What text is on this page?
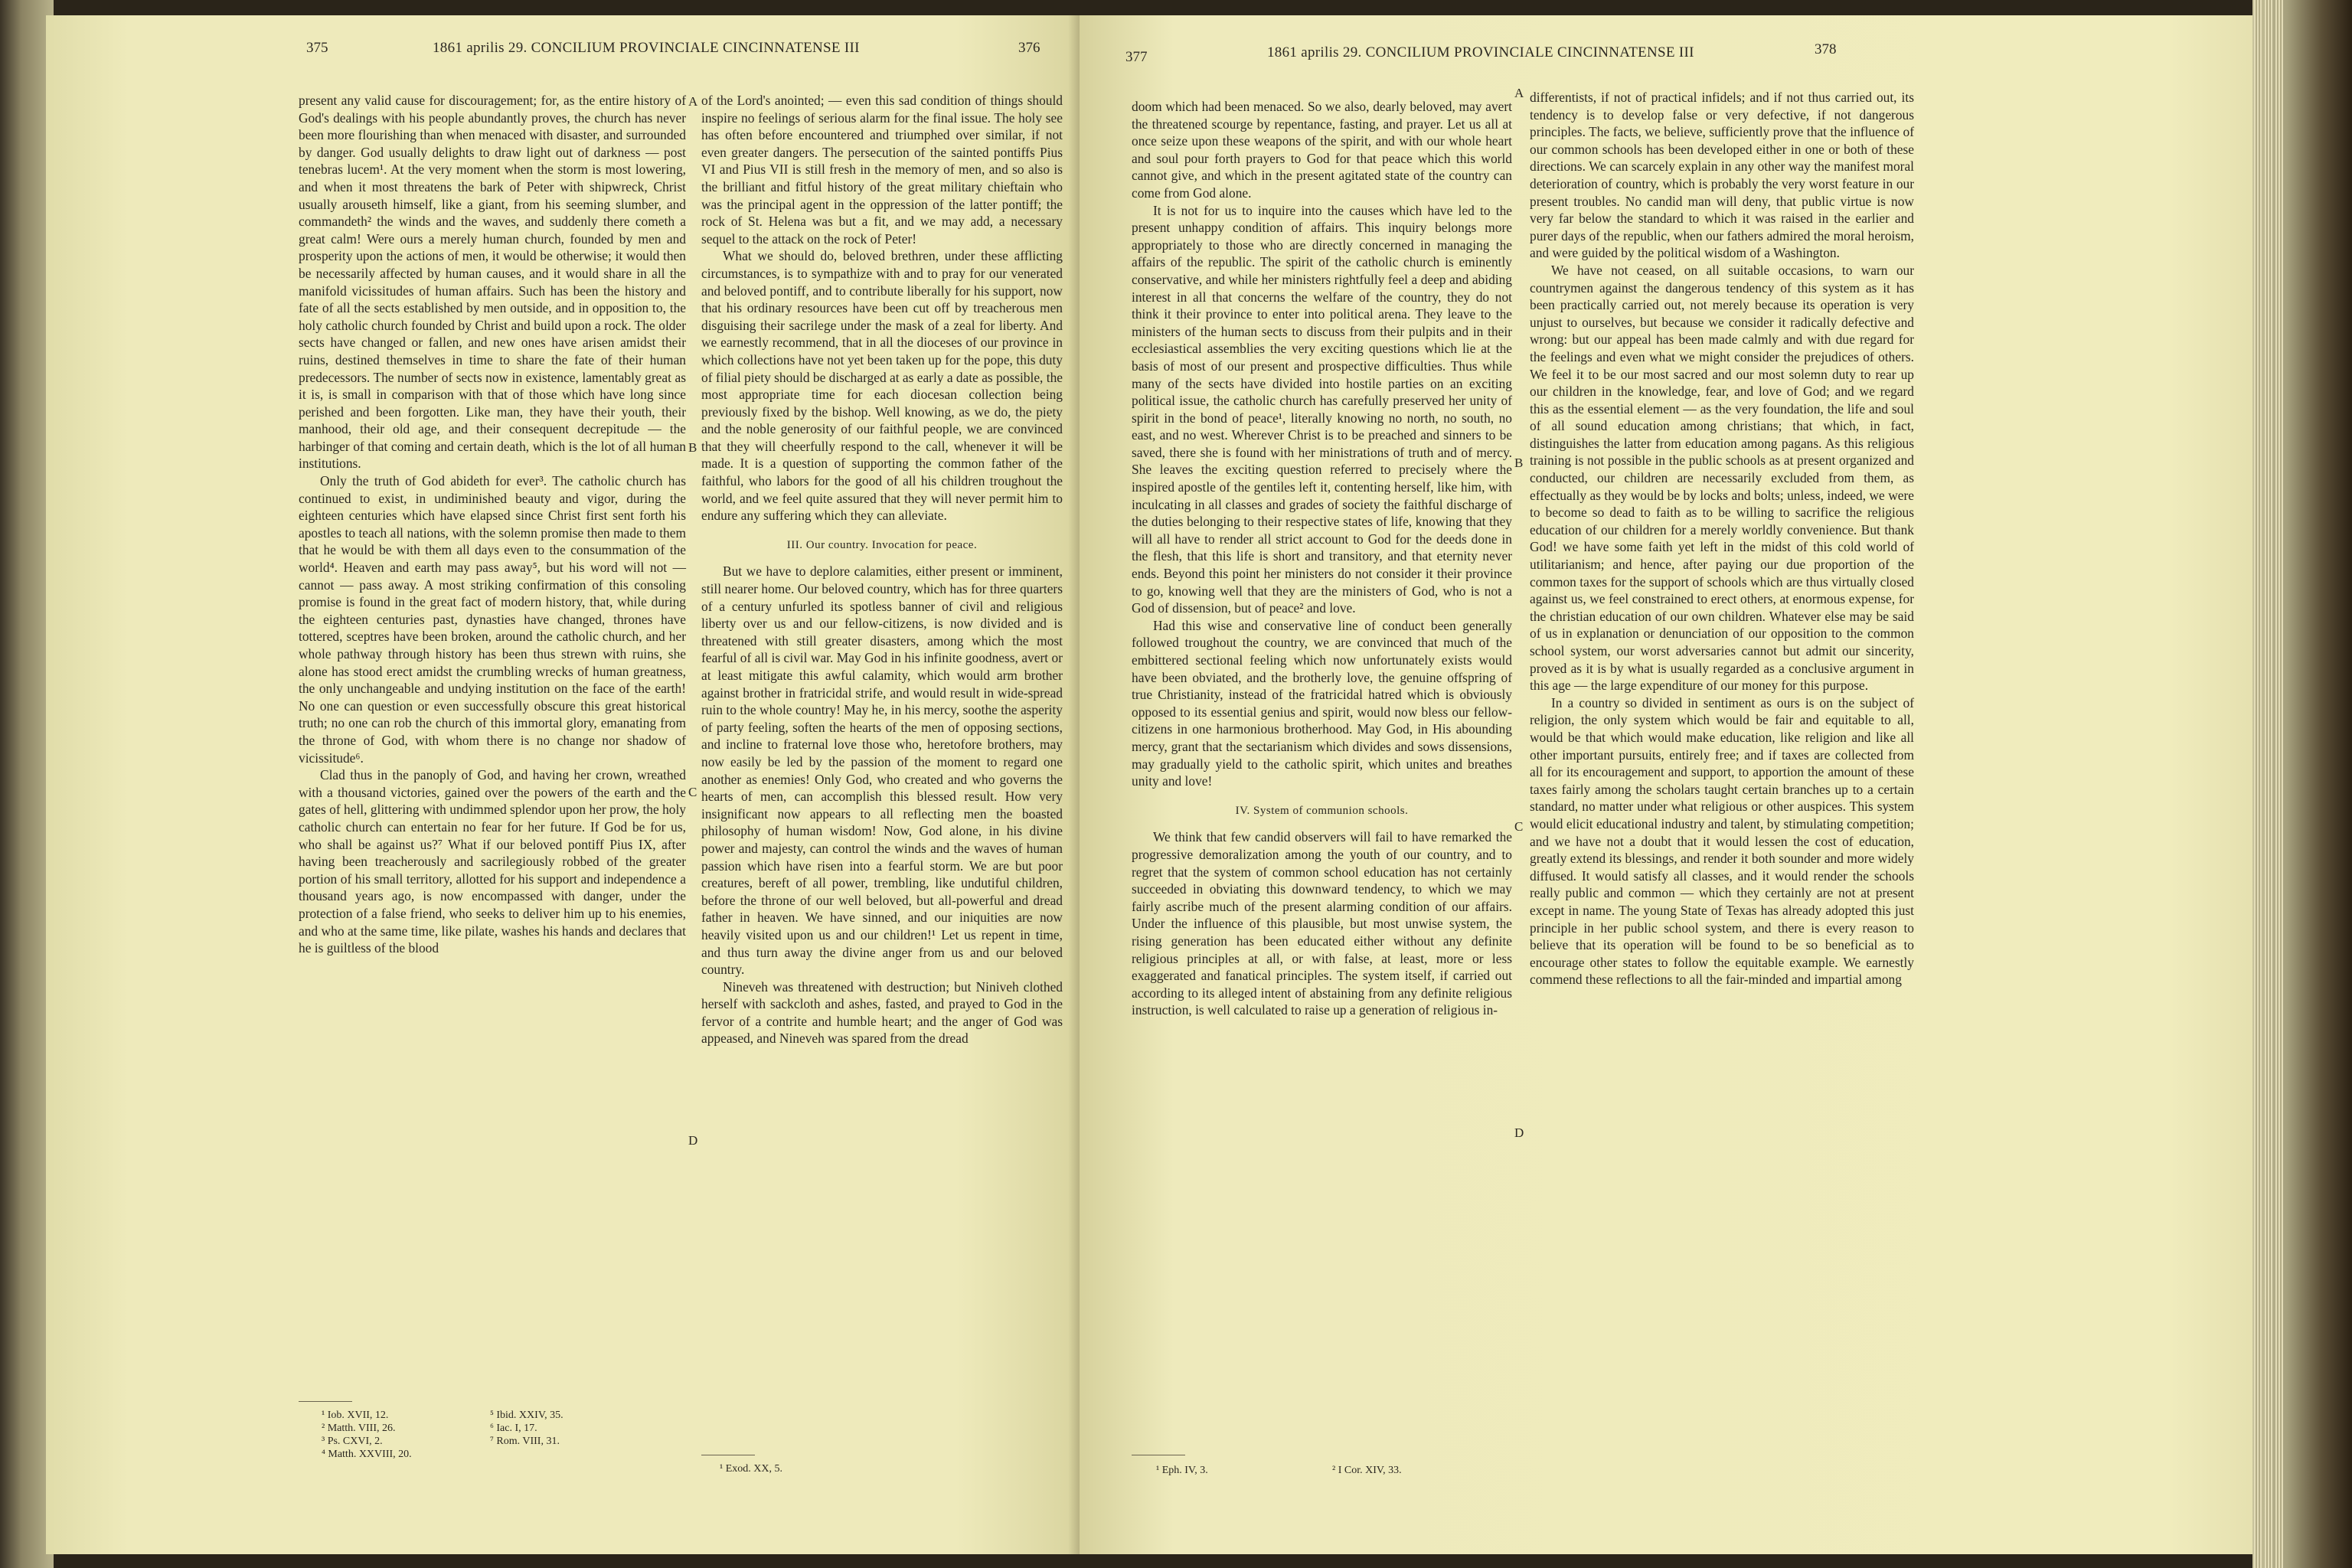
375	1861 aprilis 29. CONCILIUM PROVINCIALE CINCINNATENSE III	376

present any valid cause for discouragement; for, as the entire history of God's dealings with his people abundantly proves, the church has never been more flourishing than when menaced with disaster, and surrounded by danger. God usually delights to draw light out of darkness — post tenebras lucem¹. At the very moment when the storm is most lowering, and when it most threatens the bark of Peter with shipwreck, Christ usually arouseth himself, like a giant, from his seeming slumber, and commandeth² the winds and the waves, and suddenly there cometh a great calm! Were ours a merely human church, founded by men and prosperity upon the actions of men, it would be otherwise; it would then be necessarily affected by human causes, and it would share in all the manifold vicissitudes of human affairs. Such has been the history and fate of all the sects established by men outside, and in opposition to, the holy catholic church founded by Christ and build upon a rock. The older sects have changed or fallen, and new ones have arisen amidst their ruins, destined themselves in time to share the fate of their human predecessors. The number of sects now in existence, lamentably great as it is, is small in comparison with that of those which have long since perished and been forgotten. Like man, they have their youth, their manhood, their old age, and their consequent decrepitude — the harbinger of that coming and certain death, which is the lot of all human institutions.

Only the truth of God abideth for ever³. The catholic church has continued to exist, in undiminished beauty and vigor, during the eighteen centuries which have elapsed since Christ first sent forth his apostles to teach all nations, with the solemn promise then made to them that he would be with them all days even to the consummation of the world⁴. Heaven and earth may pass away⁵, but his word will not — cannot — pass away. A most striking confirmation of this consoling promise is found in the great fact of modern history, that, while during the eighteen centuries past, dynasties have changed, thrones have tottered, sceptres have been broken, around the catholic church, and her whole pathway through history has been thus strewn with ruins, she alone has stood erect amidst the crumbling wrecks of human greatness, the only unchangeable and undying institution on the face of the earth! No one can question or even successfully obscure this great historical truth; no one can rob the church of this immortal glory, emanating from the throne of God, with whom there is no change nor shadow of vicissitude⁶.

Clad thus in the panoply of God, and having her crown, wreathed with a thousand victories, gained over the powers of the earth and the gates of hell, glittering with undimmed splendor upon her prow, the holy catholic church can entertain no fear for her future. If God be for us, who shall be against us?⁷ What if our beloved pontiff Pius IX, after having been treacherously and sacrilegiously robbed of the greater portion of his small territory, allotted for his support and independence a thousand years ago, is now encompassed with danger, under the protection of a false friend, who seeks to deliver him up to his enemies, and who at the same time, like pilate, washes his hands and declares that he is guiltless of the blood

A
B
C
D

of the Lord's anointed; — even this sad condition of things should inspire no feelings of serious alarm for the final issue. The holy see has often before encountered and triumphed over similar, if not even greater dangers. The persecution of the sainted pontiffs Pius VI and Pius VII is still fresh in the memory of men, and so also is the brilliant and fitful history of the great military chieftain who was the principal agent in the oppression of the latter pontiff; the rock of St. Helena was but a fit, and we may add, a necessary sequel to the attack on the rock of Peter!

What we should do, beloved brethren, under these afflicting circumstances, is to sympathize with and to pray for our venerated and beloved pontiff, and to contribute liberally for his support, now that his ordinary resources have been cut off by treacherous men disguising their sacrilege under the mask of a zeal for liberty. And we earnestly recommend, that in all the dioceses of our province in which collections have not yet been taken up for the pope, this duty of filial piety should be discharged at as early a date as possible, the most appropriate time for each diocesan collection being previously fixed by the bishop. Well knowing, as we do, the piety and the noble generosity of our faithful people, we are convinced that they will cheerfully respond to the call, whenever it will be made. It is a question of supporting the common father of the faithful, who labors for the good of all his children troughout the world, and we feel quite assured that they will never permit him to endure any suffering which they can alleviate.

III. Our country. Invocation for peace.

But we have to deplore calamities, either present or imminent, still nearer home. Our beloved country, which has for three quarters of a century unfurled its spotless banner of civil and religious liberty over us and our fellow-citizens, is now divided and is threatened with still greater disasters, among which the most fearful of all is civil war. May God in his infinite goodness, avert or at least mitigate this awful calamity, which would arm brother against brother in fratricidal strife, and would result in wide-spread ruin to the whole country! May he, in his mercy, soothe the asperity of party feeling, soften the hearts of the men of opposing sections, and incline to fraternal love those who, heretofore brothers, may now easily be led by the passion of the moment to regard one another as enemies! Only God, who created and who governs the hearts of men, can accomplish this blessed result. How very insignificant now appears to all reflecting men the boasted philosophy of human wisdom! Now, God alone, in his divine power and majesty, can control the winds and the waves of human passion which have risen into a fearful storm. We are but poor creatures, bereft of all power, trembling, like undutiful children, before the throne of our well beloved, but all-powerful and dread father in heaven. We have sinned, and our iniquities are now heavily visited upon us and our children!¹ Let us repent in time, and thus turn away the divine anger from us and our beloved country.

Nineveh was threatened with destruction; but Niniveh clothed herself with sackcloth and ashes, fasted, and prayed to God in the fervor of a contrite and humble heart; and the anger of God was appeased, and Nineveh was spared from the dread

¹ Iob. XVII, 12.
² Matth. VIII, 26.
³ Ps. CXVI, 2.
⁴ Matth. XXVIII, 20.
⁵ Ibid. XXIV, 35.
⁶ Iac. I, 17.
⁷ Rom. VIII, 31.
¹ Exod. XX, 5.
377	1861 aprilis 29. CONCILIUM PROVINCIALE CINCINNATENSE III	378

doom which had been menaced. So we also, dearly beloved, may avert the threatened scourge by repentance, fasting, and prayer. Let us all at once seize upon these weapons of the spirit, and with our whole heart and soul pour forth prayers to God for that peace which this world cannot give, and which in the present agitated state of the country can come from God alone.

It is not for us to inquire into the causes which have led to the present unhappy condition of affairs. This inquiry belongs more appropriately to those who are directly concerned in managing the affairs of the republic. The spirit of the catholic church is eminently conservative, and while her ministers rightfully feel a deep and abiding interest in all that concerns the welfare of the country, they do not think it their province to enter into political arena. They leave to the ministers of the human sects to discuss from their pulpits and in their ecclesiastical assemblies the very exciting questions which lie at the basis of most of our present and prospective difficulties. Thus while many of the sects have divided into hostile parties on an exciting political issue, the catholic church has carefully preserved her unity of spirit in the bond of peace¹, literally knowing no north, no south, no east, and no west. Wherever Christ is to be preached and sinners to be saved, there she is found with her ministrations of truth and of mercy. She leaves the exciting question referred to precisely where the inspired apostle of the gentiles left it, contenting herself, like him, with inculcating in all classes and grades of society the faithful discharge of the duties belonging to their respective states of life, knowing that they will all have to render all strict account to God for the deeds done in the flesh, that this life is short and transitory, and that eternity never ends. Beyond this point her ministers do not consider it their province to go, knowing well that they are the ministers of God, who is not a God of dissension, but of peace² and love.

Had this wise and conservative line of conduct been generally followed troughout the country, we are convinced that much of the embittered sectional feeling which now unfortunately exists would have been obviated, and the brotherly love, the genuine offspring of true Christianity, instead of the fratricidal hatred which is obviously opposed to its essential genius and spirit, would now bless our fellow-citizens in one harmonious brotherhood. May God, in His abounding mercy, grant that the sectarianism which divides and sows dissensions, may gradually yield to the catholic spirit, which unites and breathes unity and love!

IV. System of communion schools.

We think that few candid observers will fail to have remarked the progressive demoralization among the youth of our country, and to regret that the system of common school education has not certainly succeeded in obviating this downward tendency, to which we may fairly ascribe much of the present alarming condition of our affairs. Under the influence of this plausible, but most unwise system, the rising generation has been educated either without any definite religious principles at all, or with false, at least, more or less exaggerated and fanatical principles. The system itself, if carried out according to its alleged intent of abstaining from any definite religious instruction, is well calculated to raise up a generation of religious in-

A
B
C
D

differentists, if not of practical infidels; and if not thus carried out, its tendency is to develop false or very defective, if not dangerous principles. The facts, we believe, sufficiently prove that the influence of our common schools has been developed either in one or both of these directions. We can scarcely explain in any other way the manifest moral deterioration of country, which is probably the very worst feature in our present troubles. No candid man will deny, that public virtue is now very far below the standard to which it was raised in the earlier and purer days of the republic, when our fathers admired the moral heroism, and were guided by the political wisdom of a Washington.

We have not ceased, on all suitable occasions, to warn our countrymen against the dangerous tendency of this system as it has been practically carried out, not merely because its operation is very unjust to ourselves, but because we consider it radically defective and wrong: but our appeal has been made calmly and with due regard for the feelings and even what we might consider the prejudices of others. We feel it to be our most sacred and our most solemn duty to rear up our children in the knowledge, fear, and love of God; and we regard this as the essential element — as the very foundation, the life and soul of all sound education among christians; that which, in fact, distinguishes the latter from education among pagans. As this religious training is not possible in the public schools as at present organized and conducted, our children are necessarily excluded from them, as effectually as they would be by locks and bolts; unless, indeed, we were to become so dead to faith as to be willing to sacrifice the religious education of our children for a merely worldly convenience. But thank God! we have some faith yet left in the midst of this cold world of utilitarianism; and hence, after paying our due proportion of the common taxes for the support of schools which are thus virtually closed against us, we feel constrained to erect others, at enormous expense, for the christian education of our own children. Whatever else may be said of us in explanation or denunciation of our opposition to the common school system, our worst adversaries cannot but admit our sincerity, proved as it is by what is usually regarded as a conclusive argument in this age — the large expenditure of our money for this purpose.

In a country so divided in sentiment as ours is on the subject of religion, the only system which would be fair and equitable to all, would be that which would make education, like religion and like all other important pursuits, entirely free; and if taxes are collected from all for its encouragement and support, to apportion the amount of these taxes fairly among the scholars taught certain branches up to a certain standard, no matter under what religious or other auspices. This system would elicit educational industry and talent, by stimulating competition; and we have not a doubt that it would lessen the cost of education, greatly extend its blessings, and render it both sounder and more widely diffused. It would satisfy all classes, and it would render the schools really public and common — which they certainly are not at present except in name. The young State of Texas has already adopted this just principle in her public school system, and there is every reason to believe that its operation will be found to be so beneficial as to encourage other states to follow the equitable example. We earnestly commend these reflections to all the fair-minded and impartial among

¹ Eph. IV, 3.	² I Cor. XIV, 33.
